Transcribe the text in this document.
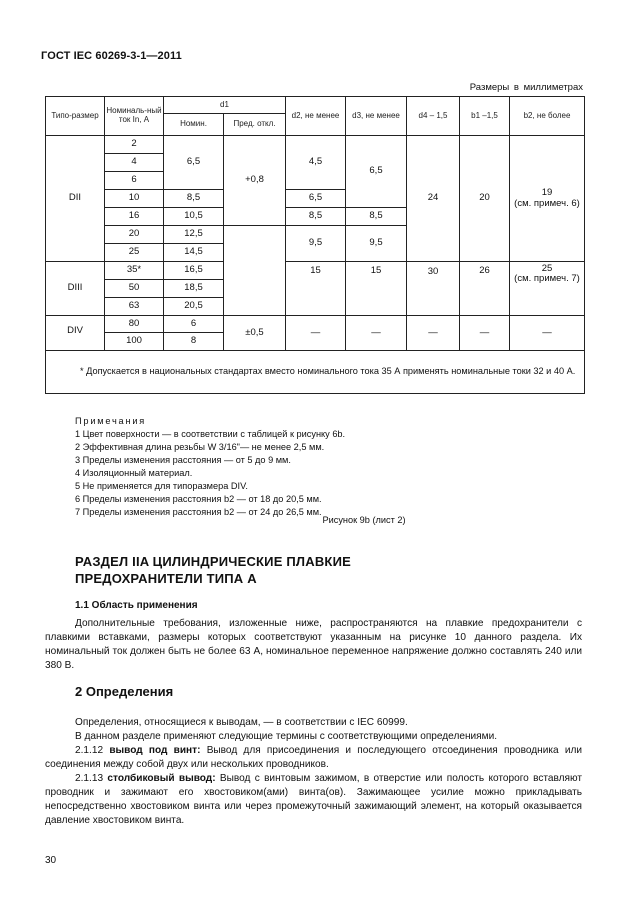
ГОСТ IEC 60269-3-1—2011
Размеры в миллиметрах
Типо-размер	Номиналь-ный ток In, А	d1		d2, не менее	d3, не менее	d4 – 1,5	b1 –1,5	b2, не более
		Номин.	Пред. откл.					
DII	2	6,5	+0,8	4,5	6,5	24	20	19
(см. примеч. 6)
	4							
	6							
	10	8,5		6,5				
	16	10,5		8,5	8,5			
	20	12,5		9,5	9,5			
	25	14,5						
DIII	35*	16,5		15	15	30	26	25
(см. примеч. 7)
	50	18,5						
	63	20,5						
DIV	80	6	±0,5	—	—	—	—	—
	100	8						
* Допускается в национальных стандартах вместо номинального тока 35 А применять номинальные токи 32 и 40 А.								
Примечания
1 Цвет поверхности — в соответствии с таблицей к рисунку 6b.
2 Эффективная длина резьбы W 3/16"— не менее 2,5 мм.
3 Пределы изменения расстояния — от 5 до 9 мм.
4 Изоляционный материал.
5 Не применяется для типоразмера DIV.
6 Пределы изменения расстояния b2 — от 18 до 20,5 мм.
7 Пределы изменения расстояния b2 — от 24 до 26,5 мм.
Рисунок 9b (лист 2)
РАЗДЕЛ IIA ЦИЛИНДРИЧЕСКИЕ ПЛАВКИЕ
ПРЕДОХРАНИТЕЛИ ТИПА А
1.1 Область применения

Дополнительные требования, изложенные ниже, распространяются на плавкие предохранители с плавкими вставками, размеры которых соответствуют указанным на рисунке 10 данного раздела. Их номинальный ток должен быть не более 63 А, номинальное переменное напряжение должно составлять 240 или 380 В.

2 Определения

Определения, относящиеся к выводам, — в соответствии с IEC 60999.

В данном разделе применяют следующие термины с соответствующими определениями.

2.1.12 вывод под винт: Вывод для присоединения и последующего отсоединения проводника или соединения между собой двух или нескольких проводников.

2.1.13 столбиковый вывод: Вывод с винтовым зажимом, в отверстие или полость которого вставляют проводник и зажимают его хвостовиком(ами) винта(ов). Зажимающее усилие можно прикладывать непосредственно хвостовиком винта или через промежуточный зажимающий элемент, на который оказывается давление хвостовиком винта.

30
